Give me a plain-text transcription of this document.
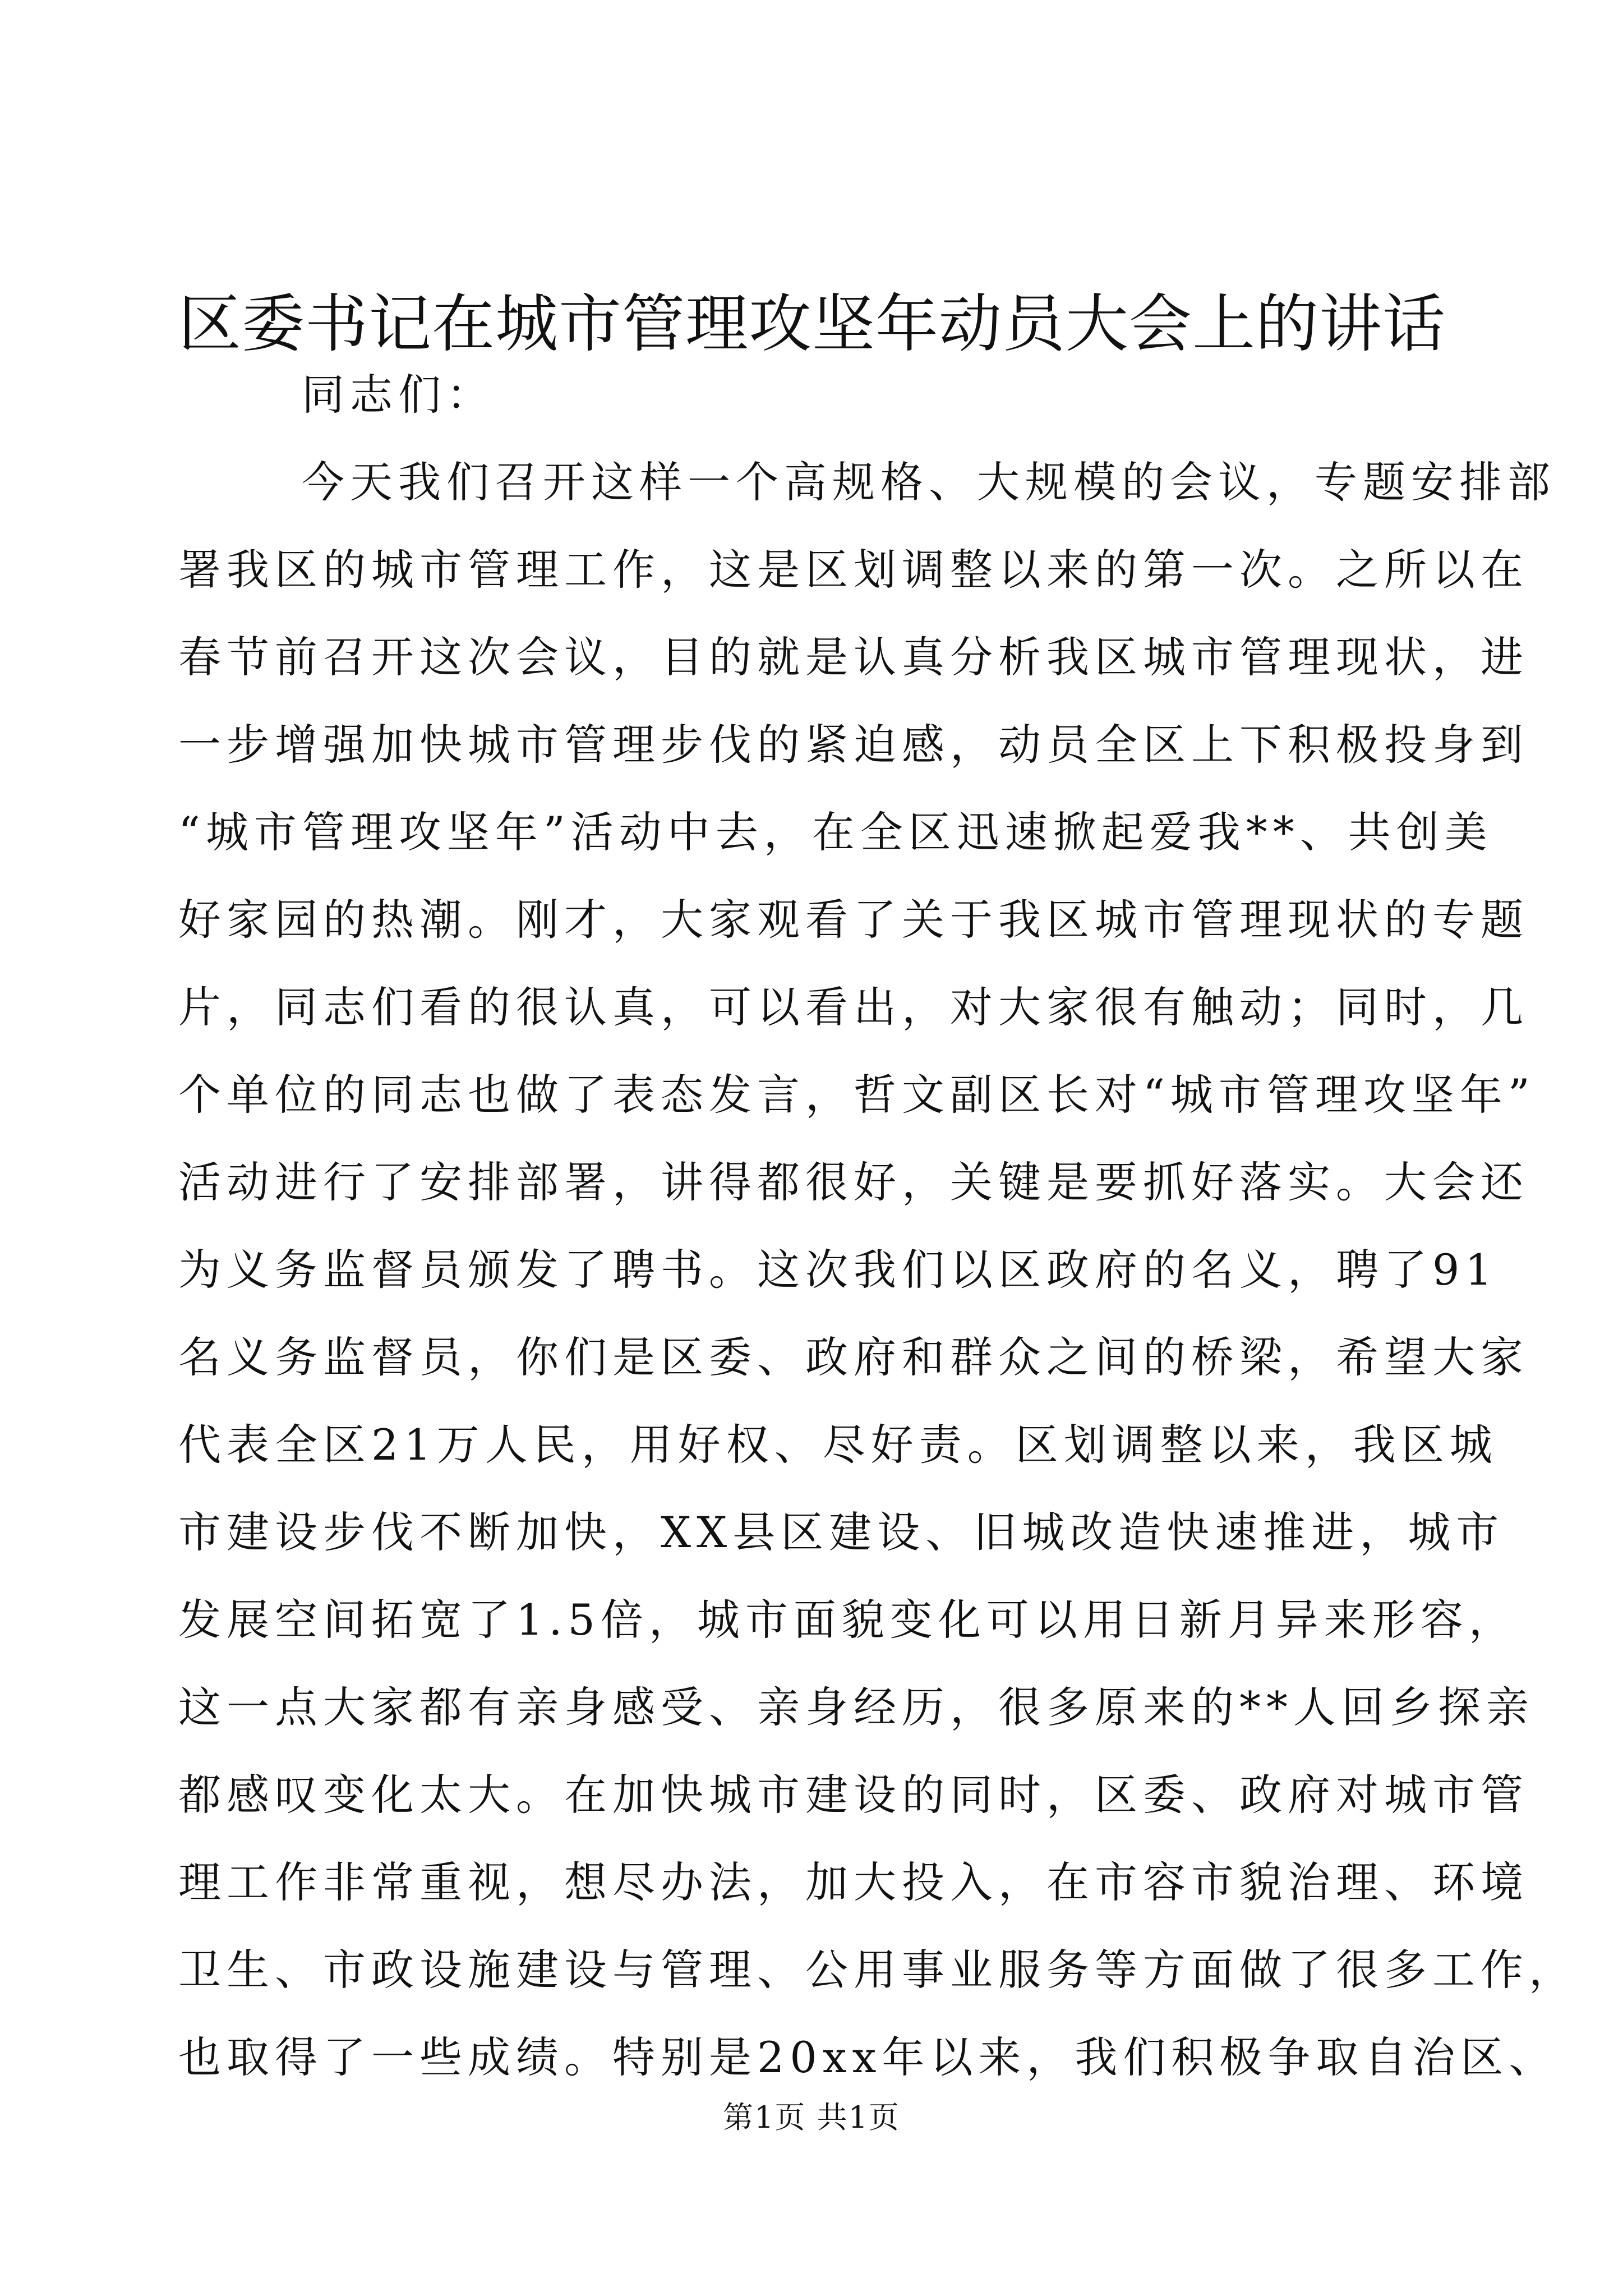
区委书记在城市管理攻坚年动员大会上的讲话
同志们：
今天我们召开这样一个高规格、大规模的会议，专题安排部
署我区的城市管理工作，这是区划调整以来的第一次。之所以在
春节前召开这次会议，目的就是认真分析我区城市管理现状，进
一步增强加快城市管理步伐的紧迫感，动员全区上下积极投身到
“城市管理攻坚年”活动中去，在全区迅速掀起爱我**、共创美
好家园的热潮。刚才，大家观看了关于我区城市管理现状的专题
片，同志们看的很认真，可以看出，对大家很有触动；同时，几
个单位的同志也做了表态发言，哲文副区长对“城市管理攻坚年”
活动进行了安排部署，讲得都很好，关键是要抓好落实。大会还
为义务监督员颁发了聘书。这次我们以区政府的名义，聘了91
名义务监督员，你们是区委、政府和群众之间的桥梁，希望大家
代表全区21万人民，用好权、尽好责。区划调整以来，我区城
市建设步伐不断加快，XX县区建设、旧城改造快速推进，城市
发展空间拓宽了1.5倍，城市面貌变化可以用日新月异来形容，
这一点大家都有亲身感受、亲身经历，很多原来的**人回乡探亲
都感叹变化太大。在加快城市建设的同时，区委、政府对城市管
理工作非常重视，想尽办法，加大投入，在市容市貌治理、环境
卫生、市政设施建设与管理、公用事业服务等方面做了很多工作，
也取得了一些成绩。特别是20xx年以来，我们积极争取自治区、
第1页 共1页
